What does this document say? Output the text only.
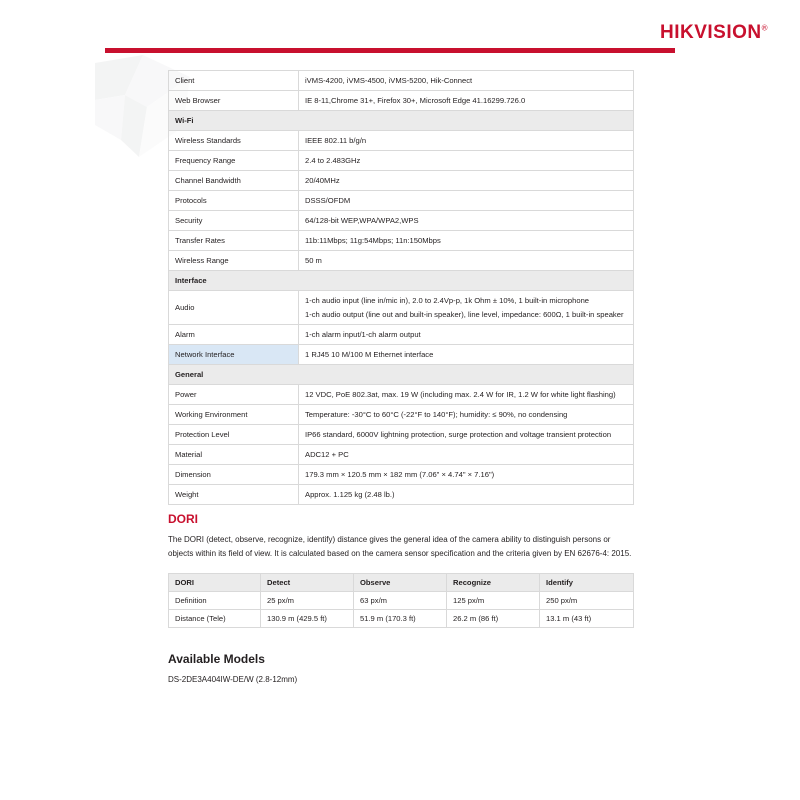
HIKVISION®
Client	iVMS-4200, iVMS-4500, iVMS-5200, Hik-Connect
Web Browser	IE 8-11,Chrome 31+, Firefox 30+, Microsoft Edge 41.16299.726.0
Wi-Fi	
Wireless Standards	IEEE 802.11 b/g/n
Frequency Range	2.4 to 2.483GHz
Channel Bandwidth	20/40MHz
Protocols	DSSS/OFDM
Security	64/128-bit WEP,WPA/WPA2,WPS
Transfer Rates	11b:11Mbps; 11g:54Mbps; 11n:150Mbps
Wireless Range	50 m
Interface	
Audio	1-ch audio input (line in/mic in), 2.0 to 2.4Vp-p, 1k Ohm ± 10%, 1 built-in microphone

1-ch audio output (line out and built-in speaker), line level, impedance: 600Ω, 1 built-in speaker

Alarm	1-ch alarm input/1-ch alarm output
Network Interface	1 RJ45 10 M/100 M Ethernet interface
General	
Power	12 VDC, PoE 802.3at, max. 19 W (including max. 2.4 W for IR, 1.2 W for white light flashing)
Working Environment	Temperature: -30°C to 60°C (-22°F to 140°F); humidity: ≤ 90%, no condensing
Protection Level	IP66 standard, 6000V lightning protection, surge protection and voltage transient protection
Material	ADC12 + PC
Dimension	179.3 mm × 120.5 mm × 182 mm (7.06" × 4.74" × 7.16")
Weight	Approx. 1.125 kg (2.48 lb.)
DORI

The DORI (detect, observe, recognize, identify) distance gives the general idea of the camera ability to distinguish persons or objects within its field of view. It is calculated based on the camera sensor specification and the criteria given by EN 62676-4: 2015.

DORI	Detect	Observe	Recognize	Identify
Definition	25 px/m	63 px/m	125 px/m	250 px/m
Distance (Tele)	130.9 m (429.5 ft)	51.9 m (170.3 ft)	26.2 m (86 ft)	13.1 m (43 ft)
Available Models

DS-2DE3A404IW-DE/W (2.8-12mm)
